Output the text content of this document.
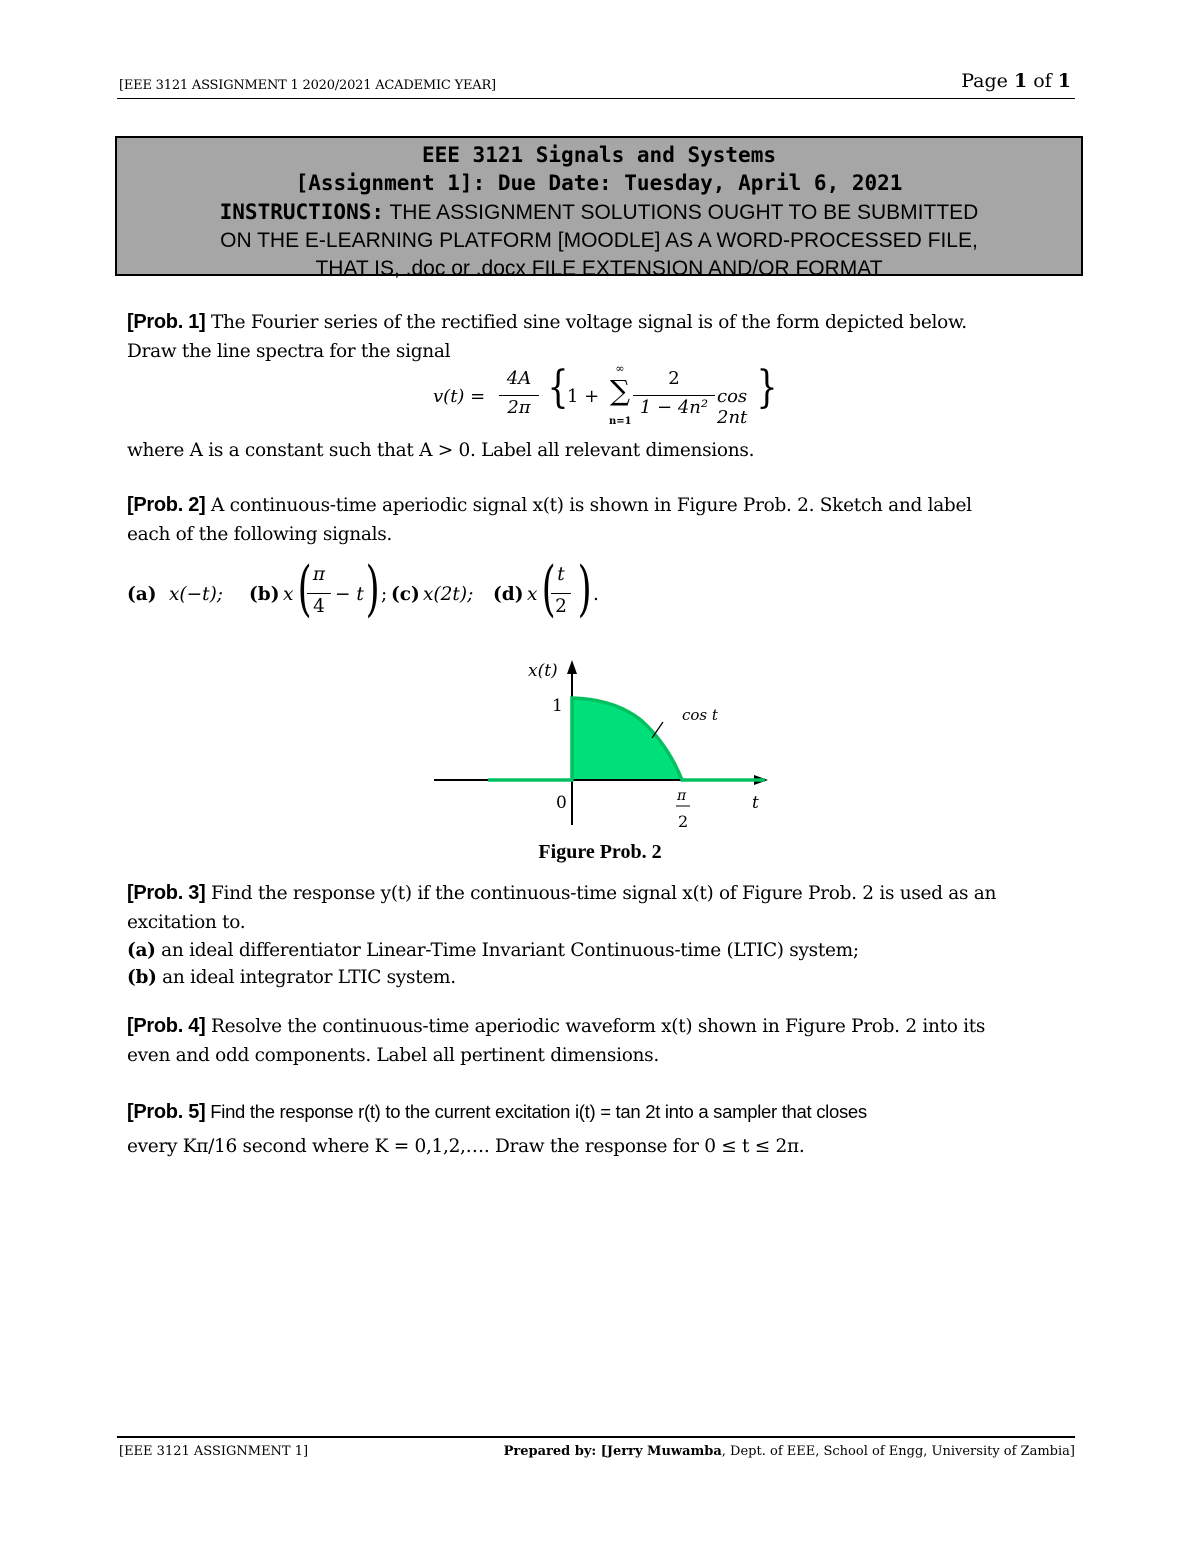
[EEE 3121 ASSIGNMENT 1 2020/2021 ACADEMIC YEAR]	Page 1 of 1
EEE 3121 Signals and Systems
[Assignment 1]: Due Date: Tuesday, April 6, 2021
INSTRUCTIONS: THE ASSIGNMENT SOLUTIONS OUGHT TO BE SUBMITTED
ON THE E-LEARNING PLATFORM [MOODLE] AS A WORD-PROCESSED FILE,
THAT IS, .doc or .docx FILE EXTENSION AND/OR FORMAT
[Prob. 1] The Fourier series of the rectified sine voltage signal is of the form depicted below.
Draw the line spectra for the signal
v(t) =
4A
2π {
1 +
∞
∑
n=1
2
1 − 4n²
cos 2nt
}
where A is a constant such that A > 0. Label all relevant dimensions.
[Prob. 2] A continuous-time aperiodic signal x(t) is shown in Figure Prob. 2. Sketch and label
each of the following signals.
(a) x(−t); (b) x ( π
4
− t ) ; (c) x(2t); (d) x ( t
2 ) .
x(t)
1	cos t
0	π
2
t
Figure Prob. 2
[Prob. 3] Find the response y(t) if the continuous-time signal x(t) of Figure Prob. 2 is used as an
excitation to.
(a) an ideal differentiator Linear-Time Invariant Continuous-time (LTIC) system;
(b) an ideal integrator LTIC system.
[Prob. 4] Resolve the continuous-time aperiodic waveform x(t) shown in Figure Prob. 2 into its
even and odd components. Label all pertinent dimensions.
[Prob. 5] Find the response r(t) to the current excitation i(t) = tan 2t into a sampler that closes
every Kπ/16 second where K = 0,1,2,…. Draw the response for 0 ≤ t ≤ 2π.
[EEE 3121 ASSIGNMENT 1]	Prepared by: [Jerry Muwamba, Dept. of EEE, School of Engg, University of Zambia]
